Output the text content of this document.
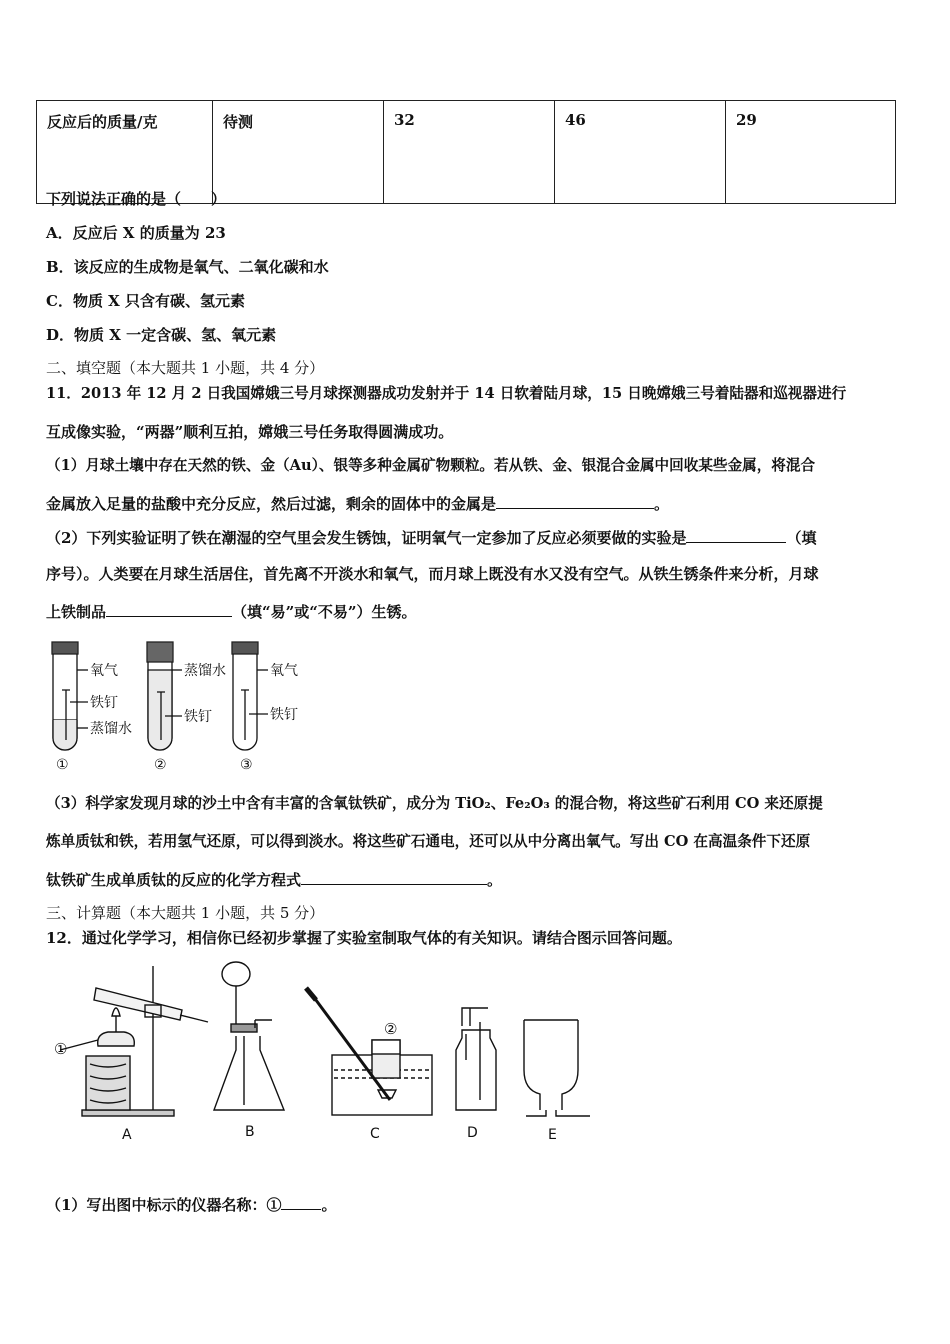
反应后的质量/克	待测	32	46	29
下列说法正确的是（　　）
A．反应后 X 的质量为 23
B．该反应的生成物是氧气、二氧化碳和水
C．物质 X 只含有碳、氢元素
D．物质 X 一定含碳、氢、氧元素
二、填空题（本大题共 1 小题，共 4 分）
11．2013 年 12 月 2 日我国嫦娥三号月球探测器成功发射并于 14 日软着陆月球，15 日晚嫦娥三号着陆器和巡视器进行
互成像实验，“两器”顺利互拍，嫦娥三号任务取得圆满成功。
（1）月球土壤中存在天然的铁、金（Au）、银等多种金属矿物颗粒。若从铁、金、银混合金属中回收某些金属，将混合
金属放入足量的盐酸中充分反应，然后过滤，剩余的固体中的金属是	。
（2）下列实验证明了铁在潮湿的空气里会发生锈蚀，证明氧气一定参加了反应必须要做的实验是	（填
序号）。人类要在月球生活居住，首先离不开淡水和氧气，而月球上既没有水又没有空气。从铁生锈条件来分析，月球
上铁制品	（填“易”或“不易”）生锈。
氧气
铁钉
蒸馏水
蒸馏水
铁钉
氧气
铁钉
①	②	③
（3）科学家发现月球的沙土中含有丰富的含氧钛铁矿，成分为 TiO₂、Fe₂O₃ 的混合物，将这些矿石利用 CO 来还原提
炼单质钛和铁，若用氢气还原，可以得到淡水。将这些矿石通电，还可以从中分离出氧气。写出 CO 在高温条件下还原
钛铁矿生成单质钛的反应的化学方程式	。
三、计算题（本大题共 1 小题，共 5 分）
12．通过化学学习，相信你已经初步掌握了实验室制取气体的有关知识。请结合图示回答问题。
①
②
A	B	C	D	E
（1）写出图中标示的仪器名称：①	。
